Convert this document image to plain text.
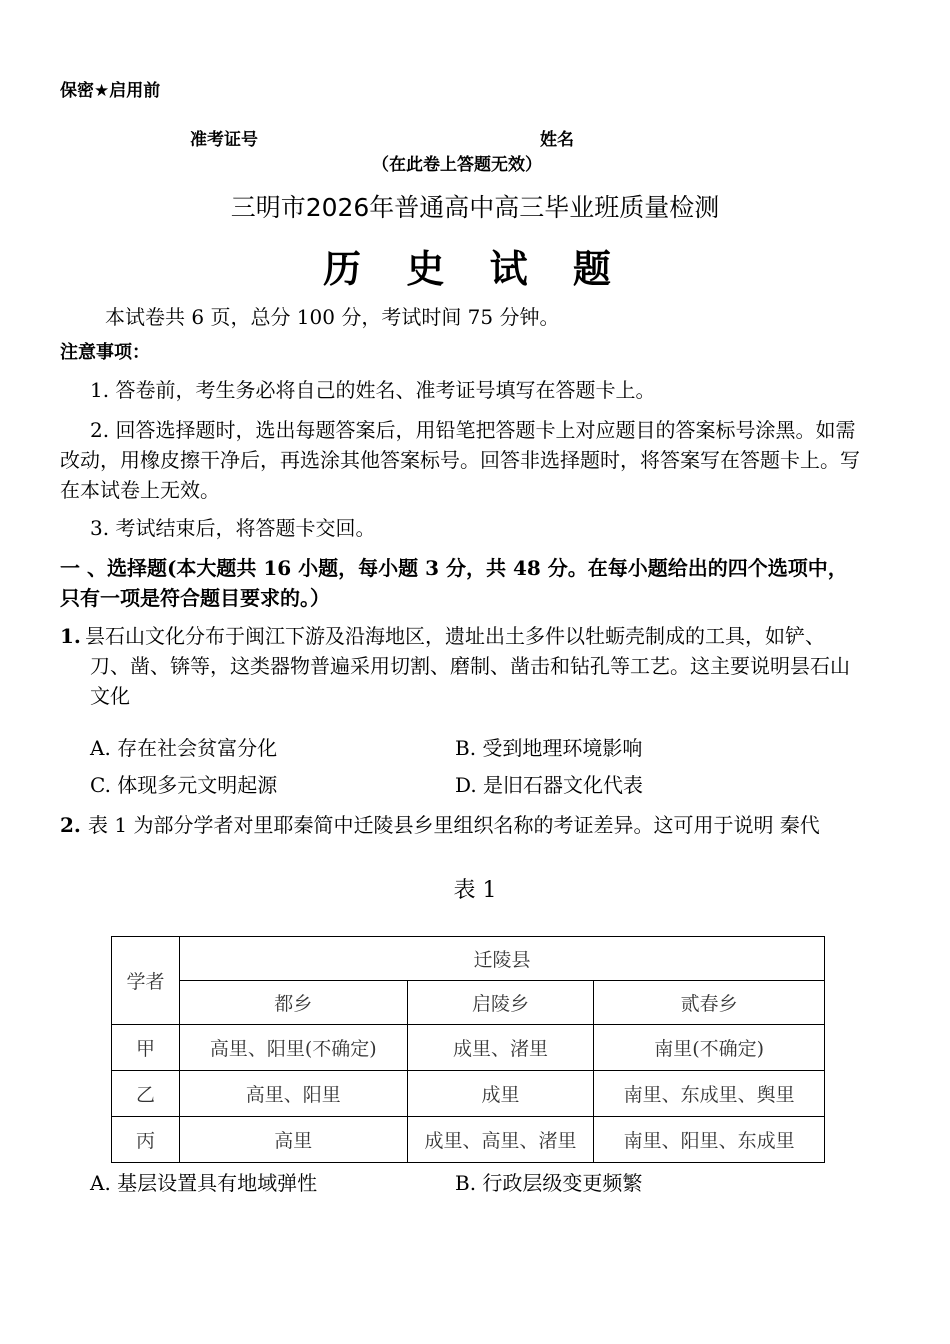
保密★启用前
准考证号	姓名
（在此卷上答题无效）
三明市2026年普通高中高三毕业班质量检测
历 史 试 题
本试卷共 6 页，总分 100 分，考试时间 75 分钟。
注意事项：
1. 答卷前，考生务必将自己的姓名、准考证号填写在答题卡上。
2. 回答选择题时，选出每题答案后，用铅笔把答题卡上对应题目的答案标号涂黑。如需改动，用橡皮擦干净后，再选涂其他答案标号。回答非选择题时，将答案写在答题卡上。写在本试卷上无效。
3. 考试结束后，将答题卡交回。
一 、选择题(本大题共 16 小题，每小题 3 分，共 48 分。在每小题给出的四个选项中， 只有一项是符合题目要求的。）
1. 昙石山文化分布于闽江下游及沿海地区，遗址出土多件以牡蛎壳制成的工具，如铲、刀、凿、锛等，这类器物普遍采用切割、磨制、凿击和钻孔等工艺。这主要说明昙石山文化
A. 存在社会贫富分化	B. 受到地理环境影响
C. 体现多元文明起源	D. 是旧石器文化代表
2. 表 1 为部分学者对里耶秦简中迁陵县乡里组织名称的考证差异。这可用于说明 秦代
表 1
学者	迁陵县		
	都乡	启陵乡	贰春乡
甲	高里、阳里(不确定)	成里、渚里	南里(不确定)
乙	高里、阳里	成里	南里、东成里、舆里
丙	高里	成里、高里、渚里	南里、阳里、东成里
A. 基层设置具有地域弹性	B. 行政层级变更频繁
